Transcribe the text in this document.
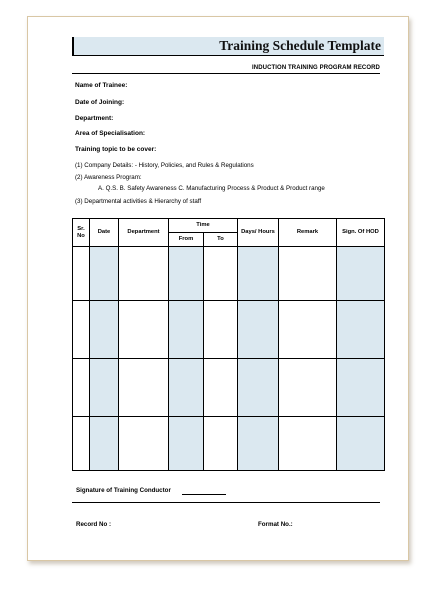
Training Schedule Template
INDUCTION TRAINING PROGRAM RECORD
Name of Trainee:
Date of Joining:
Department:
Area of Specialisation:
Training topic to be cover:
(1) Company Details: - History, Policies, and Rules & Regulations
(2) Awareness Program:
A. Q.S. B. Safety Awareness C. Manufacturing Process & Product & Product range
(3) Departmental activities & Hierarchy of staff
Sr. No	Date	Department	Time		Days/ Hours	Remark	Sign. Of HOD
			From	To			

Signature of Training Conductor
Record No :	Format No.:
